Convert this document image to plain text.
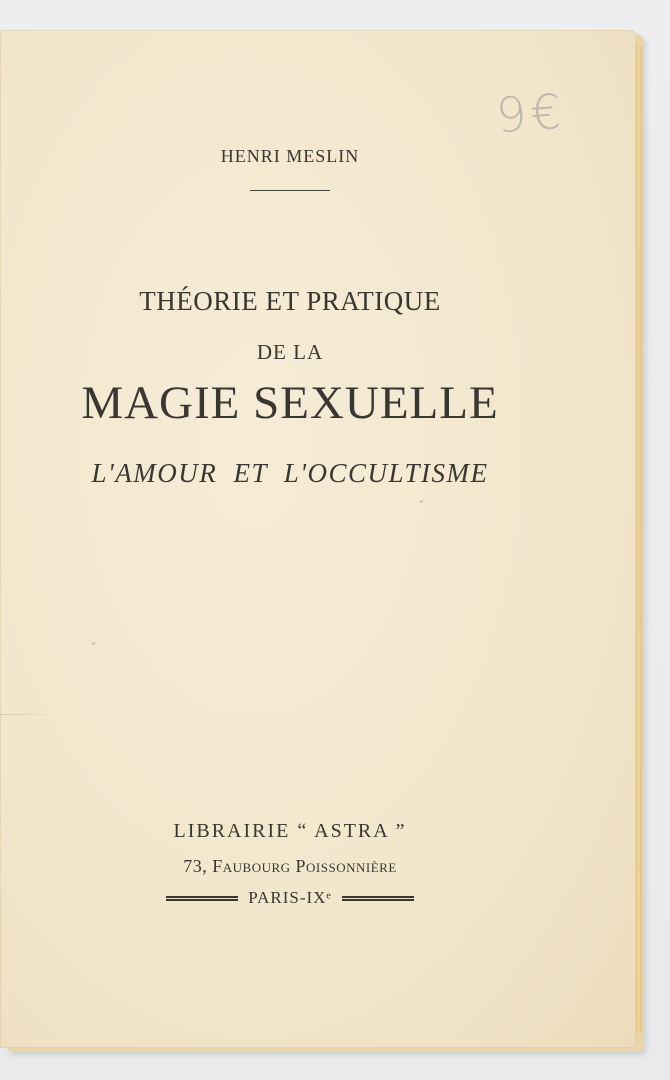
9€
HENRI MESLIN
THÉORIE ET PRATIQUE
DE LA
MAGIE SEXUELLE
L'AMOUR ET L'OCCULTISME
LIBRAIRIE “ ASTRA ”
73, Faubourg Poissonnière
PARIS-IXᵉ
